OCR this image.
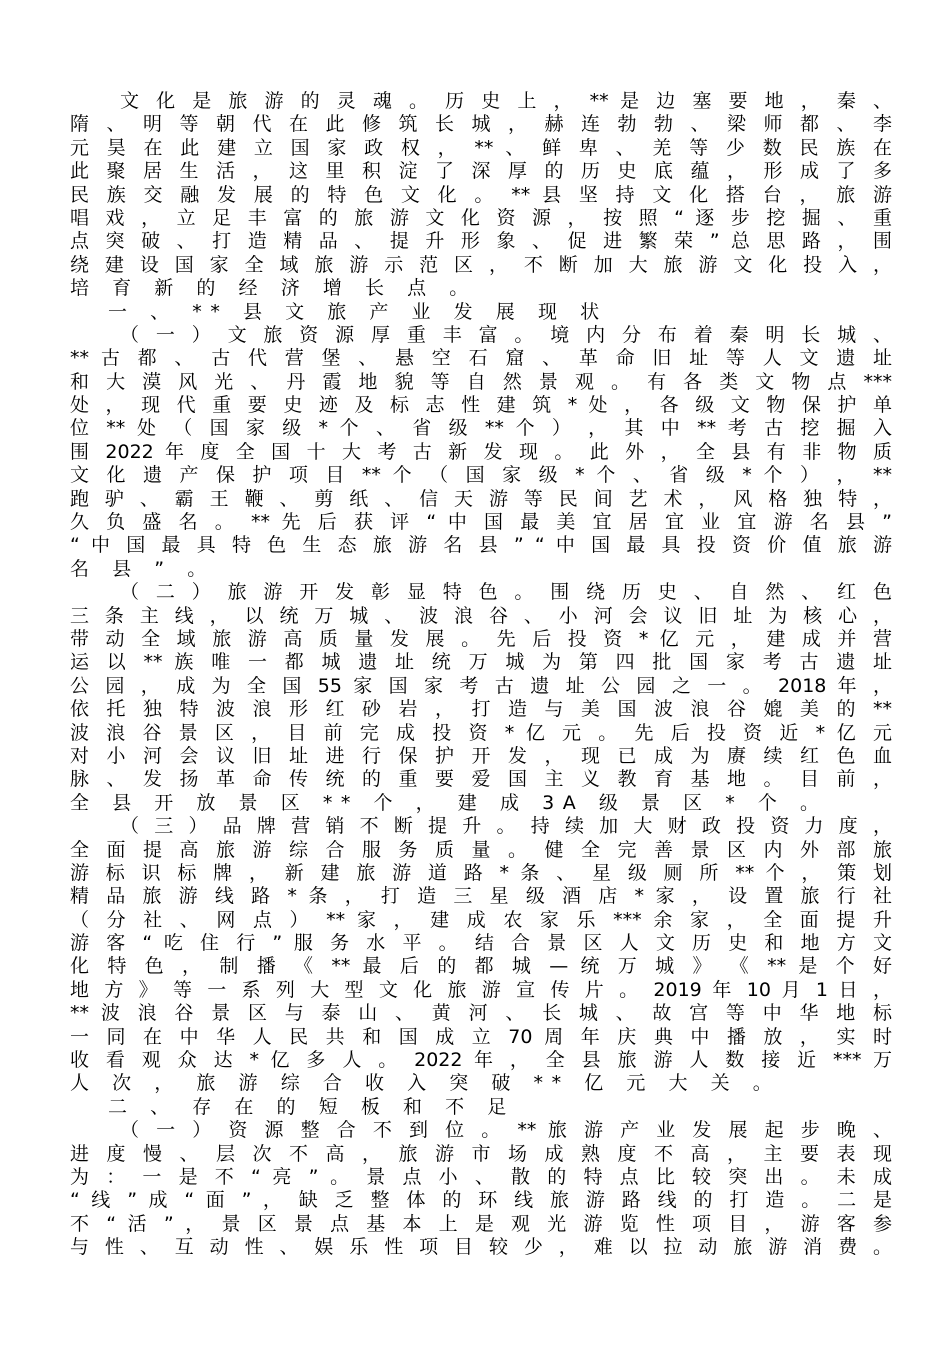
文 化 是 旅 游 的 灵 魂 。 历 史 上 ， ** 是 边 塞 要 地 ， 秦 、
隋 、 明 等 朝 代 在 此 修 筑 长 城 ， 赫 连 勃 勃 、 梁 师 都 、 李
元 昊 在 此 建 立 国 家 政 权 ， ** 、 鲜 卑 、 羌 等 少 数 民 族 在
此 聚 居 生 活 ， 这 里 积 淀 了 深 厚 的 历 史 底 蕴 ， 形 成 了 多
民 族 交 融 发 展 的 特 色 文 化 。 ** 县 坚 持 文 化 搭 台 ， 旅 游
唱 戏 ， 立 足 丰 富 的 旅 游 文 化 资 源 ， 按 照 “ 逐 步 挖 掘 、 重
点 突 破 、 打 造 精 品 、 提 升 形 象 、 促 进 繁 荣 ” 总 思 路 ， 围
绕 建 设 国 家 全 域 旅 游 示 范 区 ， 不 断 加 大 旅 游 文 化 投 入 ，
培 育 新 的 经 济 增 长 点 。
一 、 ** 县 文 旅 产 业 发 展 现 状
（ 一 ） 文 旅 资 源 厚 重 丰 富 。 境 内 分 布 着 秦 明 长 城 、
** 古 都 、 古 代 营 堡 、 悬 空 石 窟 、 革 命 旧 址 等 人 文 遗 址
和 大 漠 风 光 、 丹 霞 地 貌 等 自 然 景 观 。 有 各 类 文 物 点 ***
处 ， 现 代 重 要 史 迹 及 标 志 性 建 筑 * 处 ， 各 级 文 物 保 护 单
位 ** 处 （ 国 家 级 * 个 、 省 级 ** 个 ） ， 其 中 ** 考 古 挖 掘 入
围 2022 年 度 全 国 十 大 考 古 新 发 现 。 此 外 ， 全 县 有 非 物 质
文 化 遗 产 保 护 项 目 ** 个 （ 国 家 级 * 个 、 省 级 * 个 ） ， **
跑 驴 、 霸 王 鞭 、 剪 纸 、 信 天 游 等 民 间 艺 术 ， 风 格 独 特 ，
久 负 盛 名 。 ** 先 后 获 评 “ 中 国 最 美 宜 居 宜 业 宜 游 名 县 ”
“ 中 国 最 具 特 色 生 态 旅 游 名 县 ” “ 中 国 最 具 投 资 价 值 旅 游
名 县 ” 。
（ 二 ） 旅 游 开 发 彰 显 特 色 。 围 绕 历 史 、 自 然 、 红 色
三 条 主 线 ， 以 统 万 城 、 波 浪 谷 、 小 河 会 议 旧 址 为 核 心 ，
带 动 全 域 旅 游 高 质 量 发 展 。 先 后 投 资 * 亿 元 ， 建 成 并 营
运 以 ** 族 唯 一 都 城 遗 址 统 万 城 为 第 四 批 国 家 考 古 遗 址
公 园 ， 成 为 全 国 55 家 国 家 考 古 遗 址 公 园 之 一 。 2018 年 ，
依 托 独 特 波 浪 形 红 砂 岩 ， 打 造 与 美 国 波 浪 谷 媲 美 的 **
波 浪 谷 景 区 ， 目 前 完 成 投 资 * 亿 元 。 先 后 投 资 近 * 亿 元
对 小 河 会 议 旧 址 进 行 保 护 开 发 ， 现 已 成 为 赓 续 红 色 血
脉 、 发 扬 革 命 传 统 的 重 要 爱 国 主 义 教 育 基 地 。 目 前 ，
全 县 开 放 景 区 ** 个 ， 建 成 3A 级 景 区 * 个 。
（ 三 ） 品 牌 营 销 不 断 提 升 。 持 续 加 大 财 政 投 资 力 度 ，
全 面 提 高 旅 游 综 合 服 务 质 量 。 健 全 完 善 景 区 内 外 部 旅
游 标 识 标 牌 ， 新 建 旅 游 道 路 * 条 、 星 级 厕 所 ** 个 ， 策 划
精 品 旅 游 线 路 * 条 ， 打 造 三 星 级 酒 店 * 家 ， 设 置 旅 行 社
（ 分 社 、 网 点 ） ** 家 ， 建 成 农 家 乐 *** 余 家 ， 全 面 提 升
游 客 “ 吃 住 行 ” 服 务 水 平 。 结 合 景 区 人 文 历 史 和 地 方 文
化 特 色 ， 制 播 《 ** 最 后 的 都 城 — 统 万 城 》 《 ** 是 个 好
地 方 》 等 一 系 列 大 型 文 化 旅 游 宣 传 片 。 2019 年 10 月 1 日 ，
** 波 浪 谷 景 区 与 泰 山 、 黄 河 、 长 城 、 故 宫 等 中 华 地 标
一 同 在 中 华 人 民 共 和 国 成 立 70 周 年 庆 典 中 播 放 ， 实 时
收 看 观 众 达 * 亿 多 人 。 2022 年 ， 全 县 旅 游 人 数 接 近 *** 万
人 次 ， 旅 游 综 合 收 入 突 破 ** 亿 元 大 关 。
二 、 存 在 的 短 板 和 不 足
（ 一 ） 资 源 整 合 不 到 位 。 ** 旅 游 产 业 发 展 起 步 晚 、
进 度 慢 、 层 次 不 高 ， 旅 游 市 场 成 熟 度 不 高 ， 主 要 表 现
为 ： 一 是 不 “ 亮 ” 。 景 点 小 、 散 的 特 点 比 较 突 出 。 未 成
“ 线 ” 成 “ 面 ” ， 缺 乏 整 体 的 环 线 旅 游 路 线 的 打 造 。 二 是
不 “ 活 ” ， 景 区 景 点 基 本 上 是 观 光 游 览 性 项 目 ， 游 客 参
与 性 、 互 动 性 、 娱 乐 性 项 目 较 少 ， 难 以 拉 动 旅 游 消 费 。
